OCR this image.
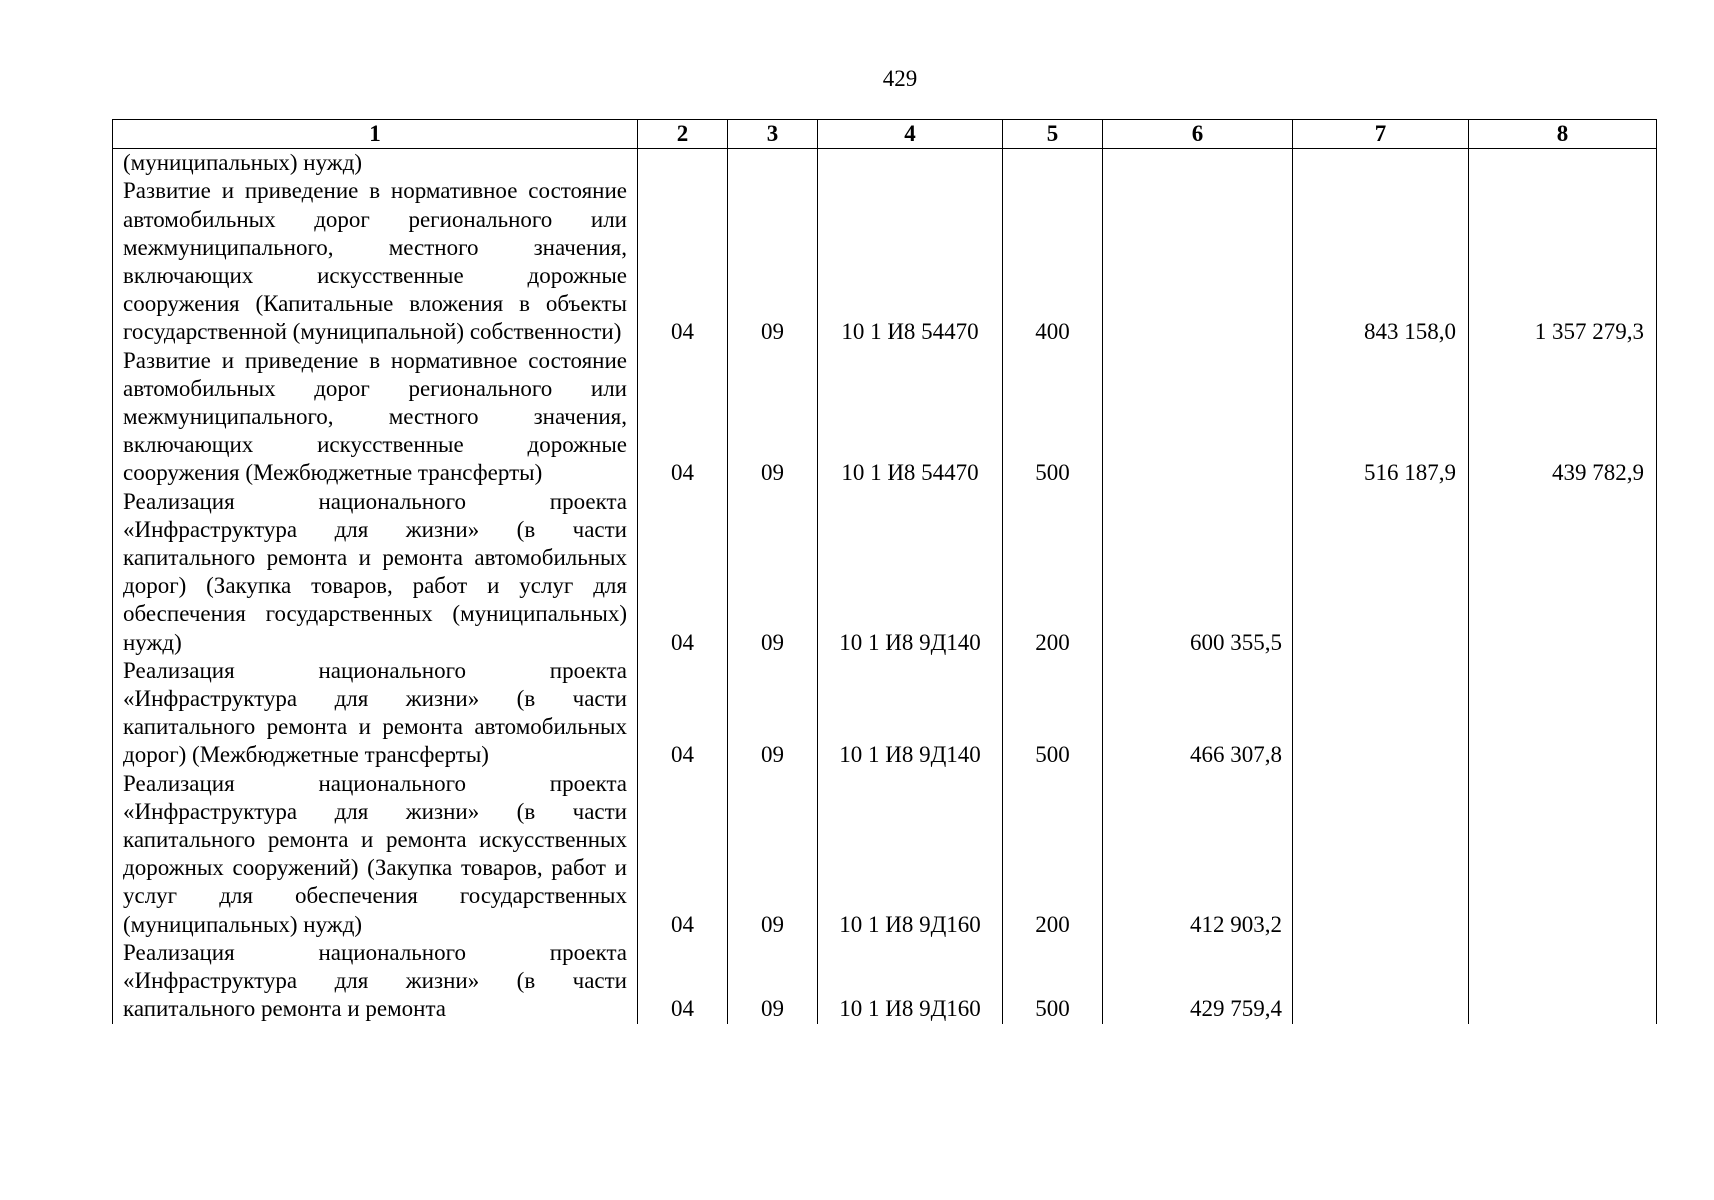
429
1	2	3	4	5	6	7	8
(муниципальных) нужд)							
Развитие и приведение в нормативное состояние автомобильных дорог регионального или межмуниципального, местного значения, включающих искусственные дорожные сооружения (Капитальные вложения в объекты государственной (муниципальной) собственности)	04	09	10 1 И8 54470	400		843 158,0	1 357 279,3
Развитие и приведение в нормативное состояние автомобильных дорог регионального или межмуниципального, местного значения, включающих искусственные дорожные сооружения (Межбюджетные трансферты)	04	09	10 1 И8 54470	500		516 187,9	439 782,9
Реализация национального проекта «Инфраструктура для жизни» (в части капитального ремонта и ремонта автомобильных дорог) (Закупка товаров, работ и услуг для обеспечения государственных (муниципальных) нужд)	04	09	10 1 И8 9Д140	200	600 355,5		
Реализация национального проекта «Инфраструктура для жизни» (в части капитального ремонта и ремонта автомобильных дорог) (Межбюджетные трансферты)	04	09	10 1 И8 9Д140	500	466 307,8		
Реализация национального проекта «Инфраструктура для жизни» (в части капитального ремонта и ремонта искусственных дорожных сооружений) (Закупка товаров, работ и услуг для обеспечения государственных (муниципальных) нужд)	04	09	10 1 И8 9Д160	200	412 903,2		
Реализация национального проекта «Инфраструктура для жизни» (в части капитального ремонта и ремонта	04	09	10 1 И8 9Д160	500	429 759,4		
